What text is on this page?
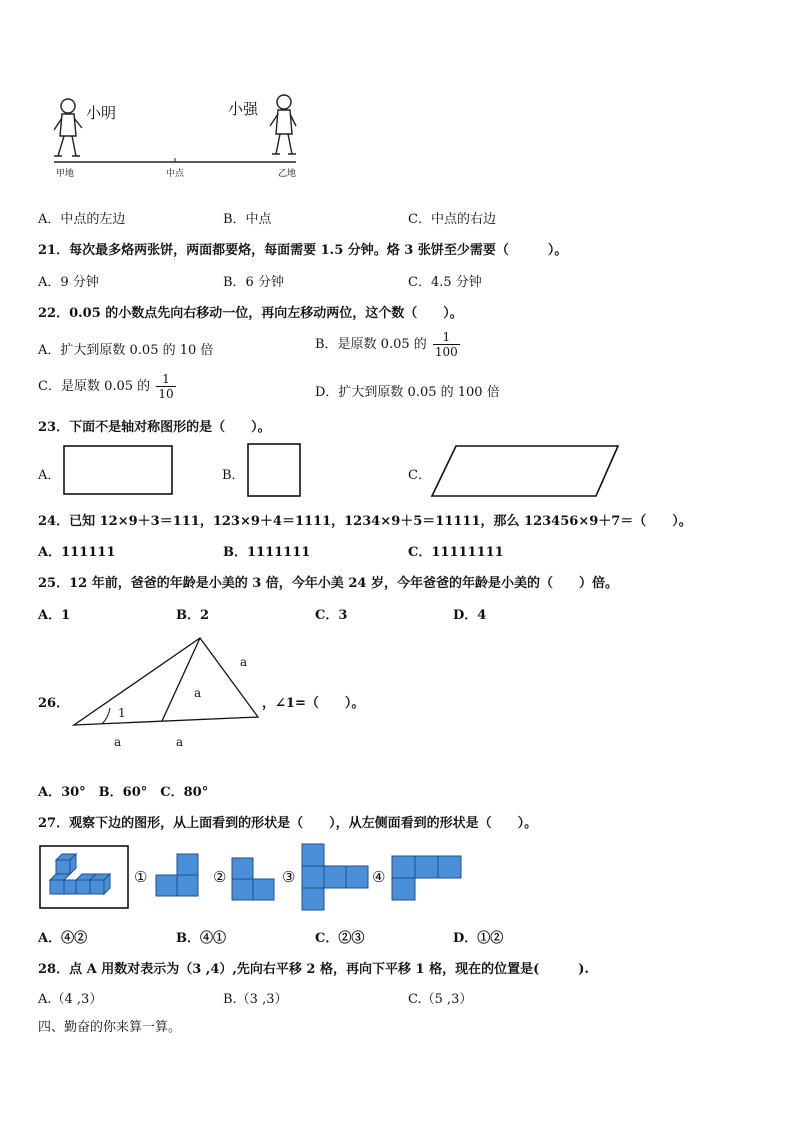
小明	小强
甲地	中点	乙地
A．中点的左边	B．中点	C．中点的右边
21．每次最多烙两张饼，两面都要烙，每面需要 1.5 分钟。烙 3 张饼至少需要（　　　）。
A．9 分钟	B．6 分钟	C．4.5 分钟
22．0.05 的小数点先向右移动一位，再向左移动两位，这个数（　　）。
A．扩大到原数 0.05 的 10 倍	B．是原数 0.05 的 $\frac{1}{100}$
C．是原数 0.05 的 $\frac{1}{10}$	D．扩大到原数 0.05 的 100 倍
23．下面不是轴对称图形的是（　　）。
A．	B．	C．
24．已知 12×9＋3＝111，123×9＋4＝1111，1234×9＋5＝11111，那么 123456×9＋7＝（　　）。
A．111111	B．1111111	C．11111111
25．12 年前，爸爸的年龄是小美的 3 倍，今年小美 24 岁，今年爸爸的年龄是小美的（　　）倍。
A．1	B．2	C．3	D．4
26．
a
a
1
a	a
，∠1=（　　）。
A．30°　B．60°　C．80°
27．观察下边的图形，从上面看到的形状是（　　），从左侧面看到的形状是（　　）。
①	②	③	④
A．④②	B．④①	C．②③	D．①②
28．点 A 用数对表示为（3 ,4）,先向右平移 2 格，再向下平移 1 格，现在的位置是(　　　).
A.（4 ,3）	B.（3 ,3）	C.（5 ,3）
四、勤奋的你来算一算。
